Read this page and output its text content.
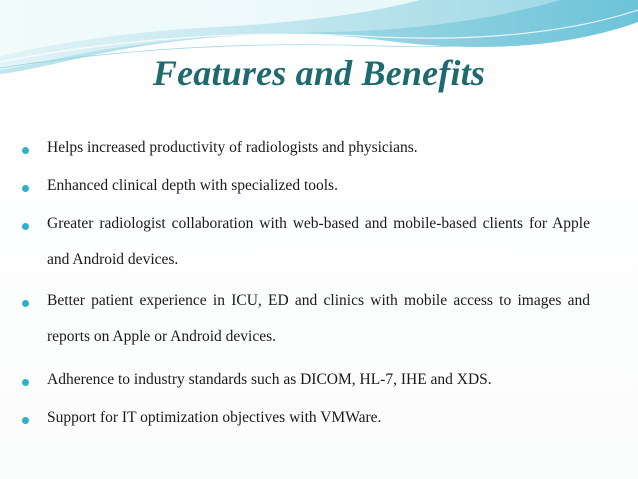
Features and Benefits
Helps increased productivity of radiologists and physicians.
Enhanced clinical depth with specialized tools.
Greater radiologist collaboration with web-based and mobile-based clients for Apple and Android devices.
Better patient experience in ICU, ED and clinics with mobile access to images and reports on Apple or Android devices.
Adherence to industry standards such as DICOM, HL-7, IHE and XDS.
Support for IT optimization objectives with VMWare.
